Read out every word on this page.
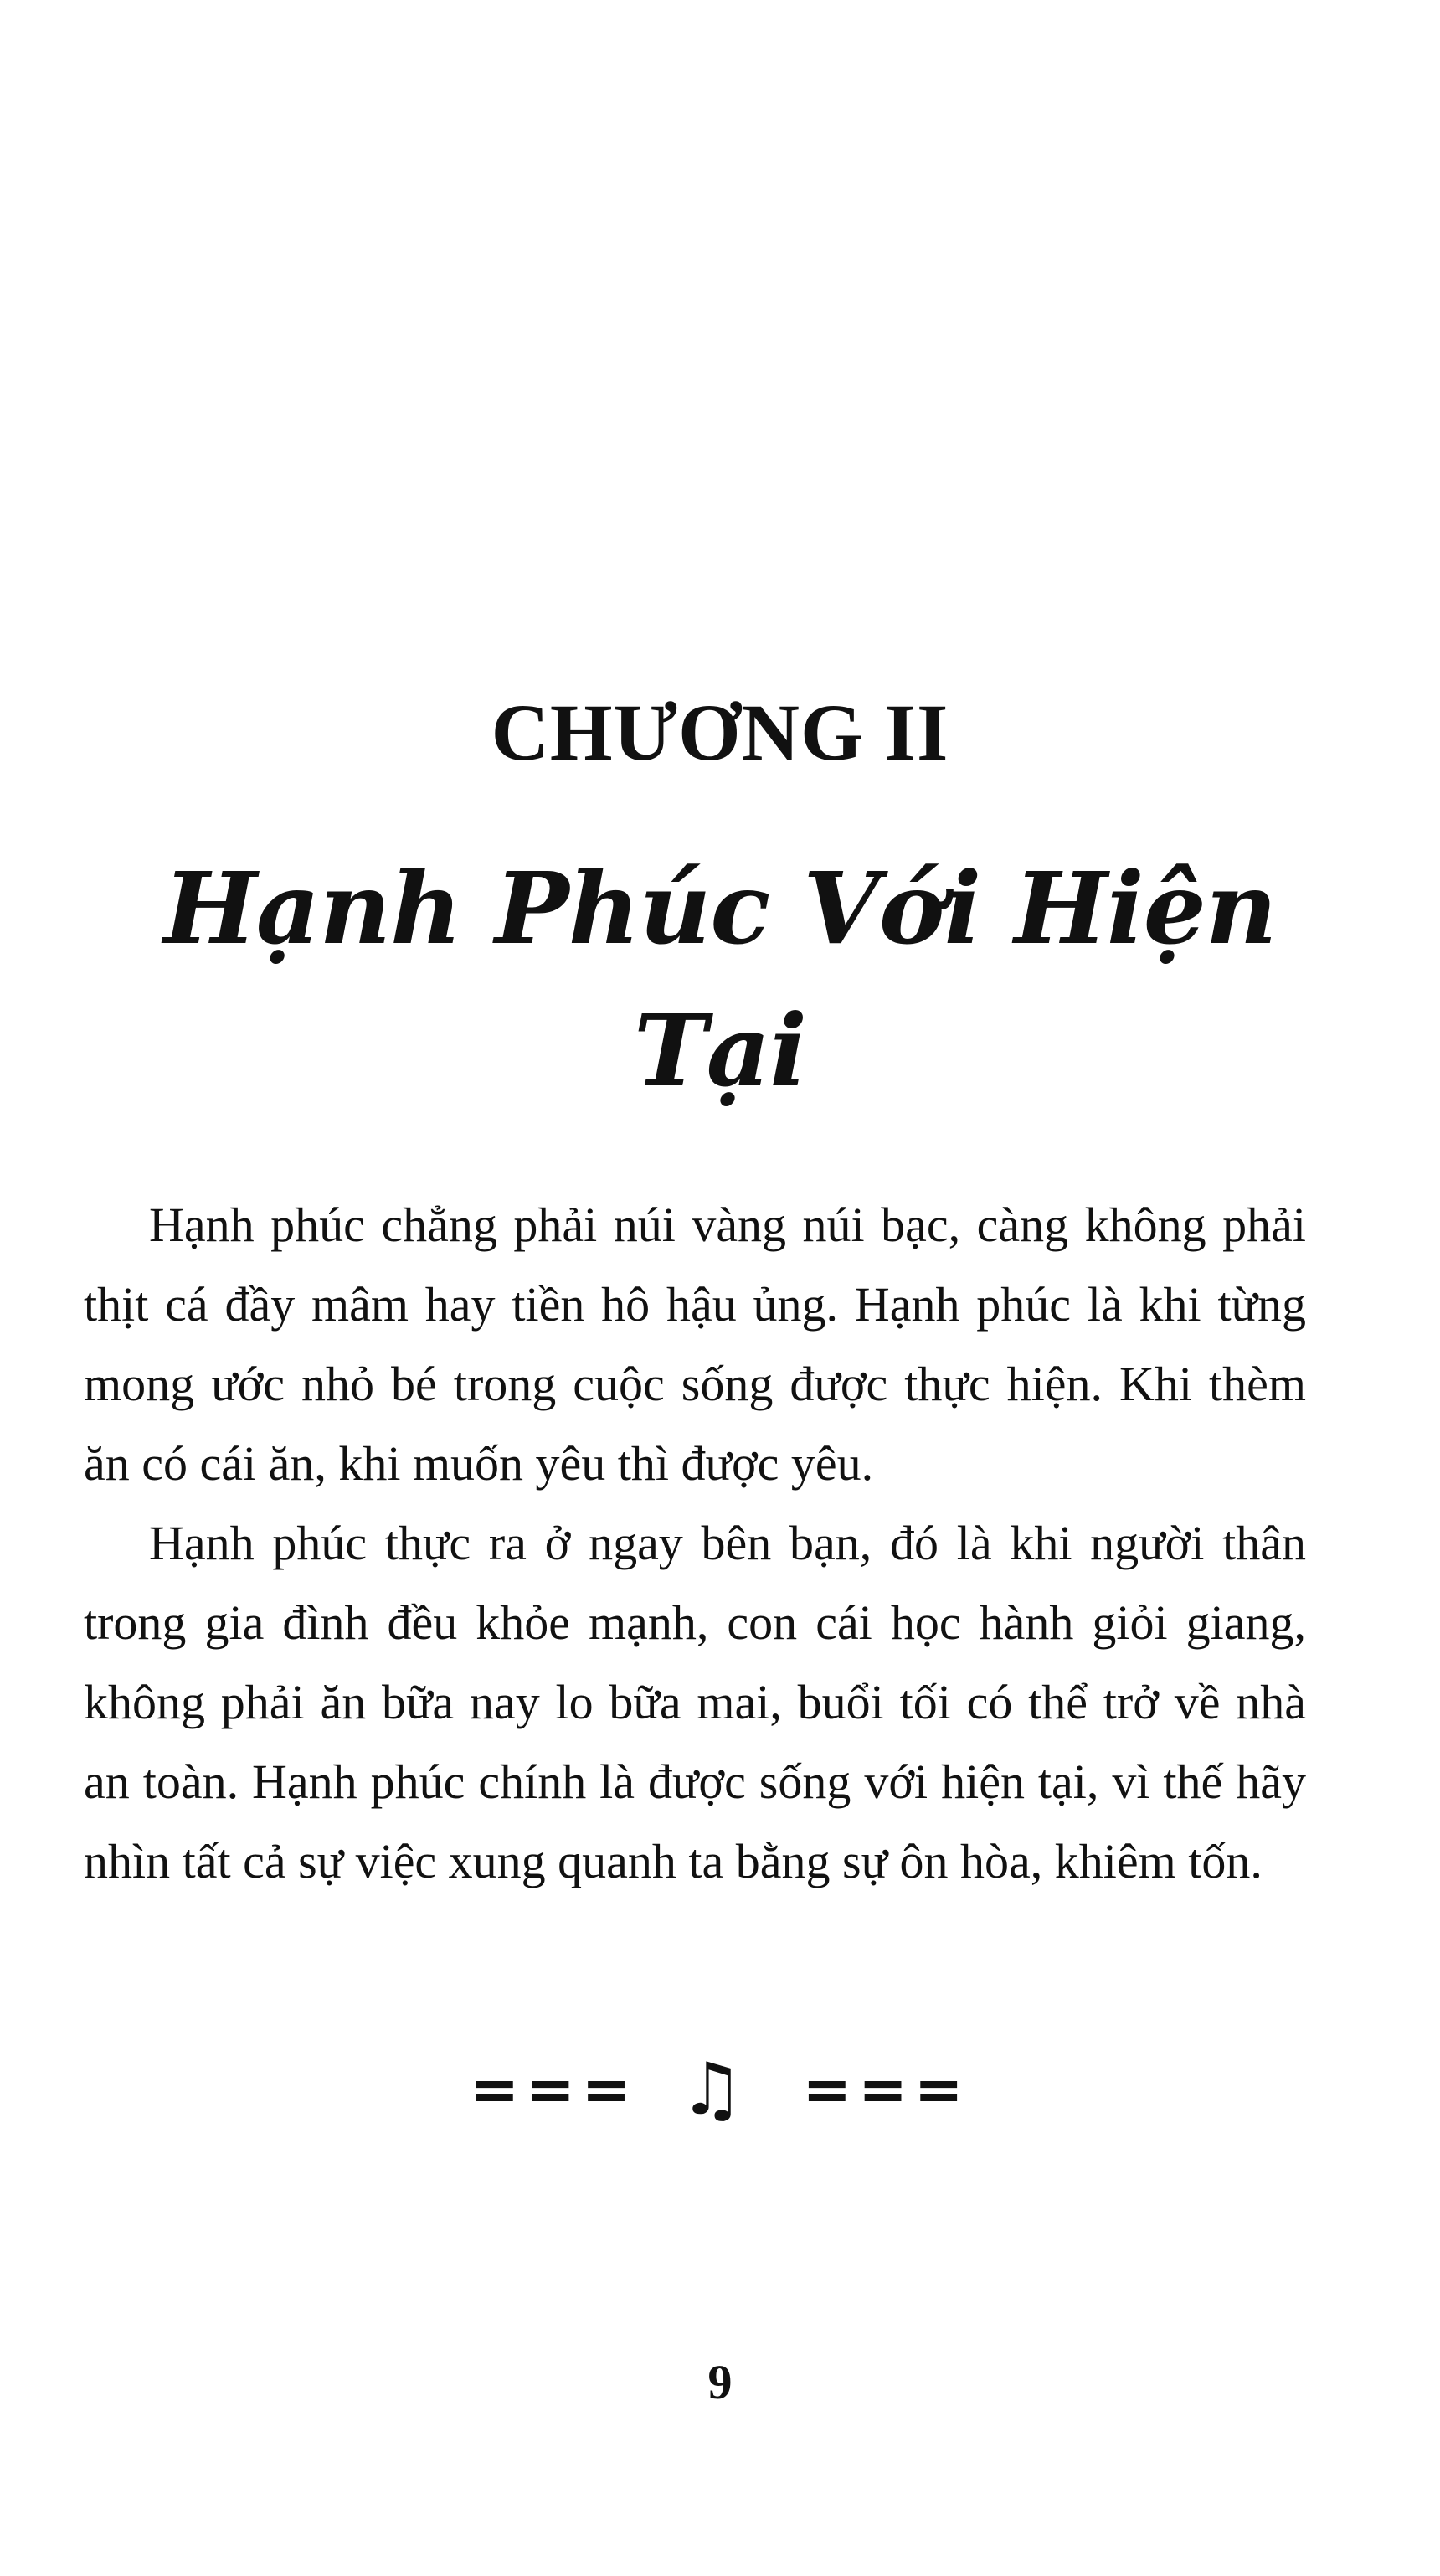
CHƯƠNG II
Hạnh Phúc Với Hiện Tại

Hạnh phúc chẳng phải núi vàng núi bạc, càng không phải thịt cá đầy mâm hay tiền hô hậu ủng. Hạnh phúc là khi từng mong ước nhỏ bé trong cuộc sống được thực hiện. Khi thèm ăn có cái ăn, khi muốn yêu thì được yêu.

Hạnh phúc thực ra ở ngay bên bạn, đó là khi người thân trong gia đình đều khỏe mạnh, con cái học hành giỏi giang, không phải ăn bữa nay lo bữa mai, buổi tối có thể trở về nhà an toàn. Hạnh phúc chính là được sống với hiện tại, vì thế hãy nhìn tất cả sự việc xung quanh ta bằng sự ôn hòa, khiêm tốn.

=== ♫ ===
9
